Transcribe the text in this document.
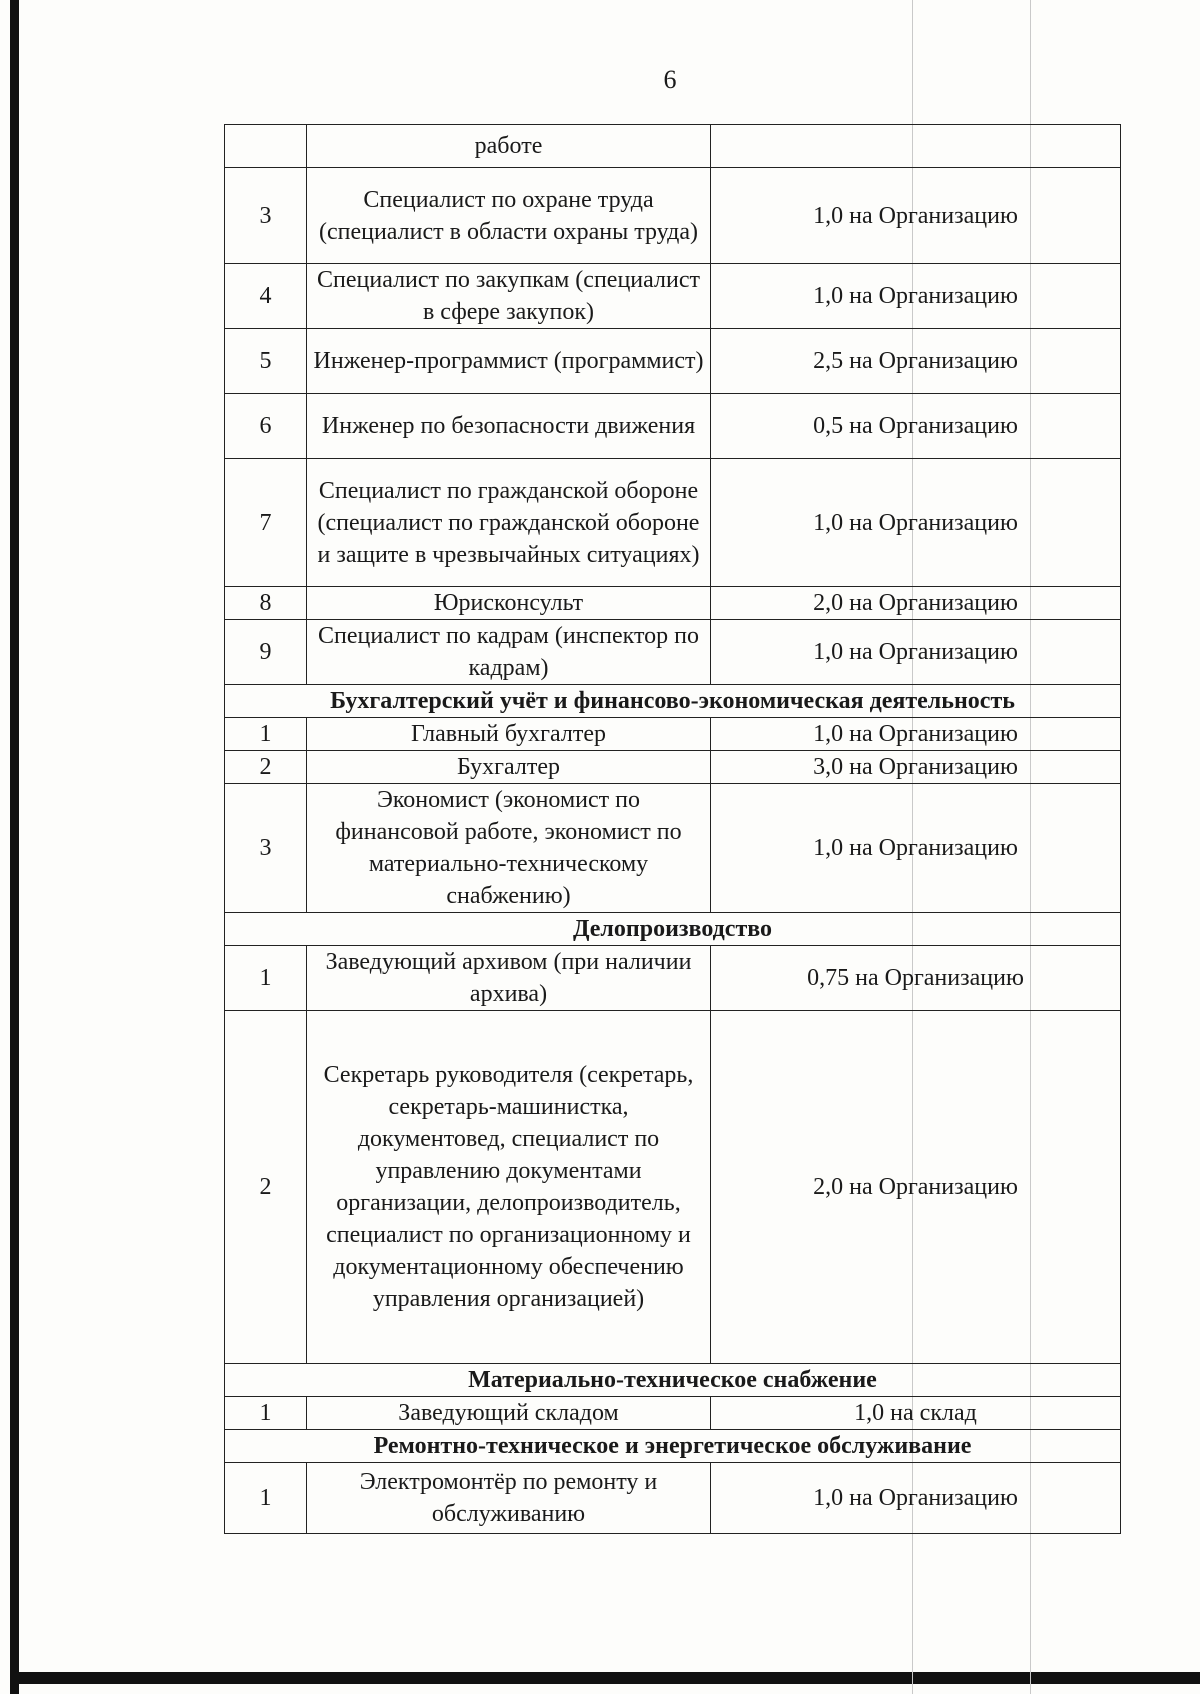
6
	работе	
3	Специалист по охране труда (специалист в области охраны труда)	1,0 на Организацию
4	Специалист по закупкам (специалист в сфере закупок)	1,0 на Организацию
5	Инженер-программист (программист)	2,5 на Организацию
6	Инженер по безопасности движения	0,5 на Организацию
7	Специалист по гражданской обороне (специалист по гражданской обороне и защите в чрезвычайных ситуациях)	1,0 на Организацию
8	Юрисконсульт	2,0 на Организацию
9	Специалист по кадрам (инспектор по кадрам)	1,0 на Организацию
Бухгалтерский учёт и финансово-экономическая деятельность		
1	Главный бухгалтер	1,0 на Организацию
2	Бухгалтер	3,0 на Организацию
3	Экономист (экономист по финансовой работе, экономист по материально-техническому снабжению)	1,0 на Организацию
Делопроизводство		
1	Заведующий архивом (при наличии архива)	0,75 на Организацию
2	Секретарь руководителя (секретарь, секретарь-машинистка, документовед, специалист по управлению документами организации, делопроизводитель, специалист по организационному и документационному обеспечению управления организацией)	2,0 на Организацию
Материально-техническое снабжение		
1	Заведующий складом	1,0 на склад
Ремонтно-техническое и энергетическое обслуживание		
1	Электромонтёр по ремонту и обслуживанию	1,0 на Организацию
